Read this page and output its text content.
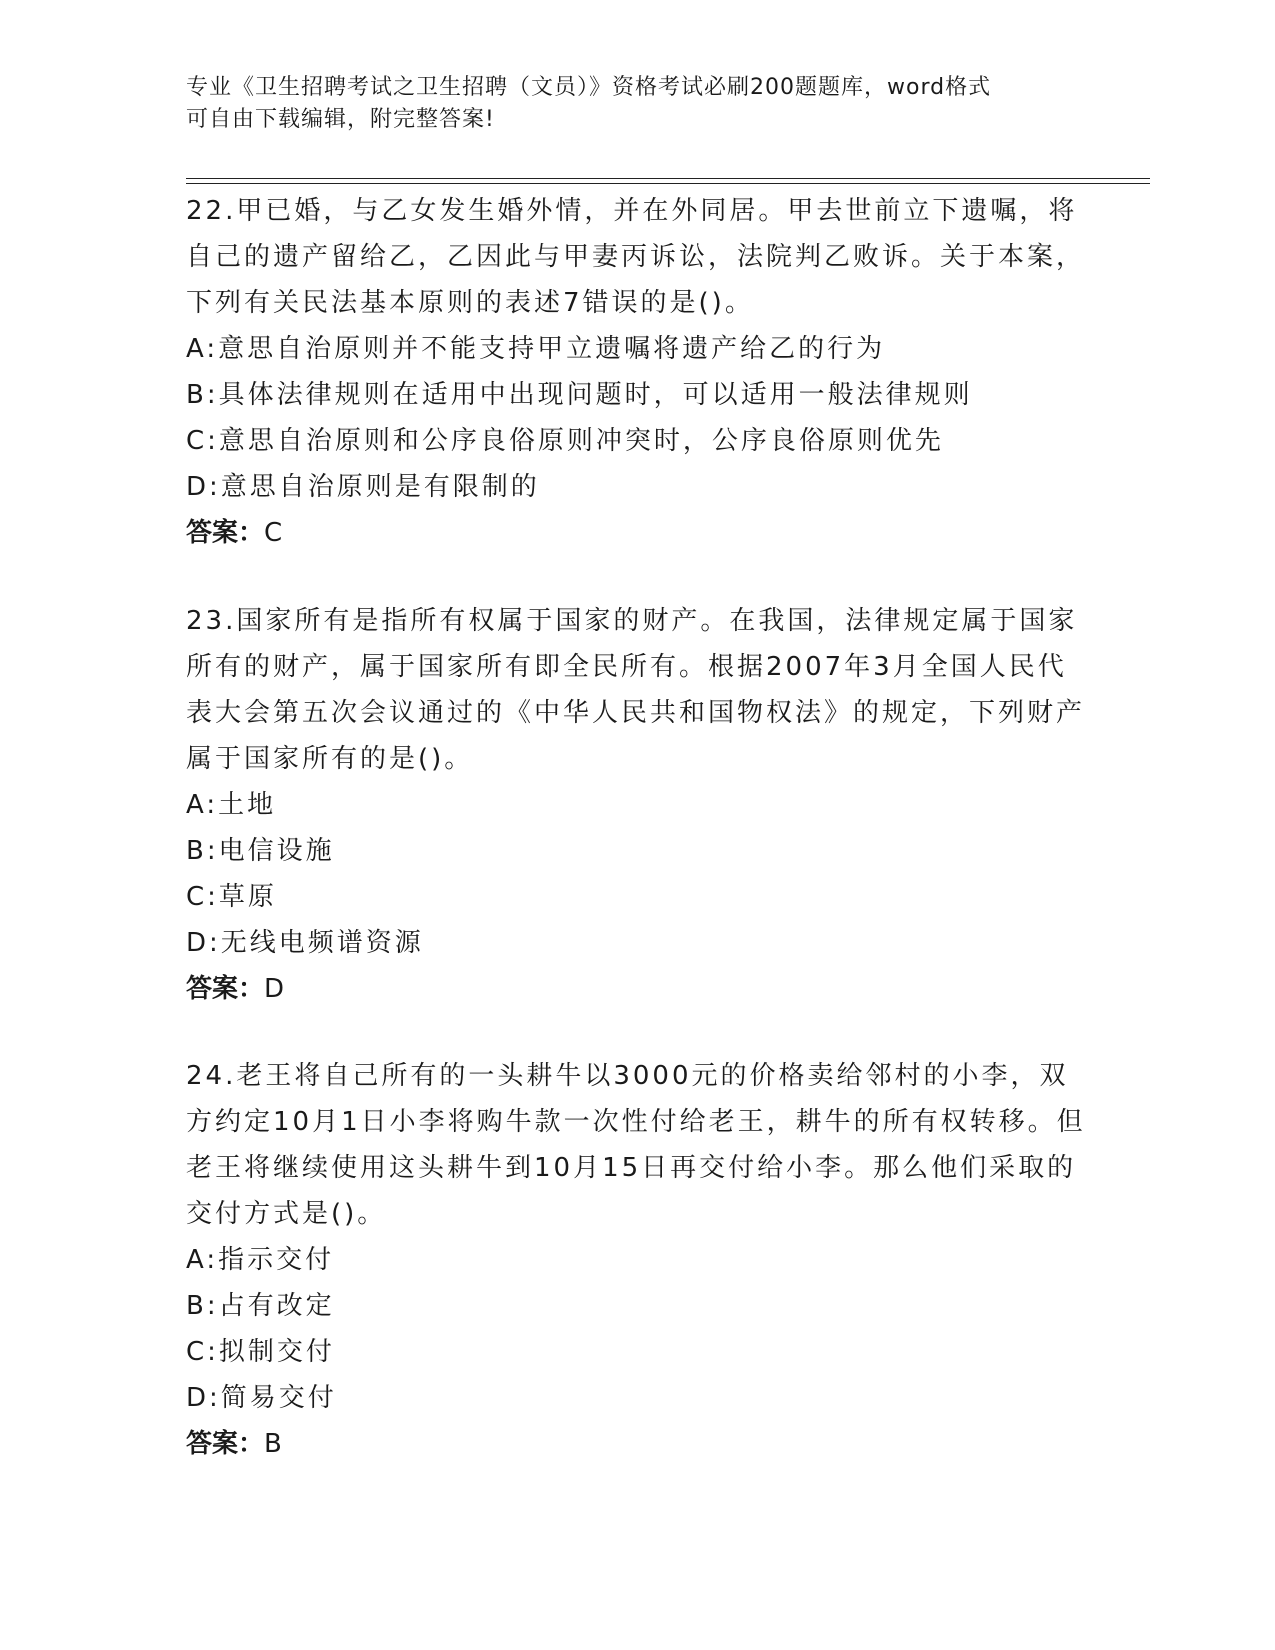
专业《卫生招聘考试之卫生招聘（文员）》资格考试必刷200题题库，word格式
可自由下载编辑，附完整答案!
22.甲已婚，与乙女发生婚外情，并在外同居。甲去世前立下遗嘱，将自己的遗产留给乙，乙因此与甲妻丙诉讼，法院判乙败诉。关于本案，下列有关民法基本原则的表述7错误的是()。
A:意思自治原则并不能支持甲立遗嘱将遗产给乙的行为
B:具体法律规则在适用中出现问题时，可以适用一般法律规则
C:意思自治原则和公序良俗原则冲突时，公序良俗原则优先
D:意思自治原则是有限制的
答案：C
23.国家所有是指所有权属于国家的财产。在我国，法律规定属于国家所有的财产，属于国家所有即全民所有。根据2007年3月全国人民代表大会第五次会议通过的《中华人民共和国物权法》的规定，下列财产属于国家所有的是()。
A:土地
B:电信设施
C:草原
D:无线电频谱资源
答案：D
24.老王将自己所有的一头耕牛以3000元的价格卖给邻村的小李，双方约定10月1日小李将购牛款一次性付给老王，耕牛的所有权转移。但老王将继续使用这头耕牛到10月15日再交付给小李。那么他们采取的交付方式是()。
A:指示交付
B:占有改定
C:拟制交付
D:简易交付
答案：B
